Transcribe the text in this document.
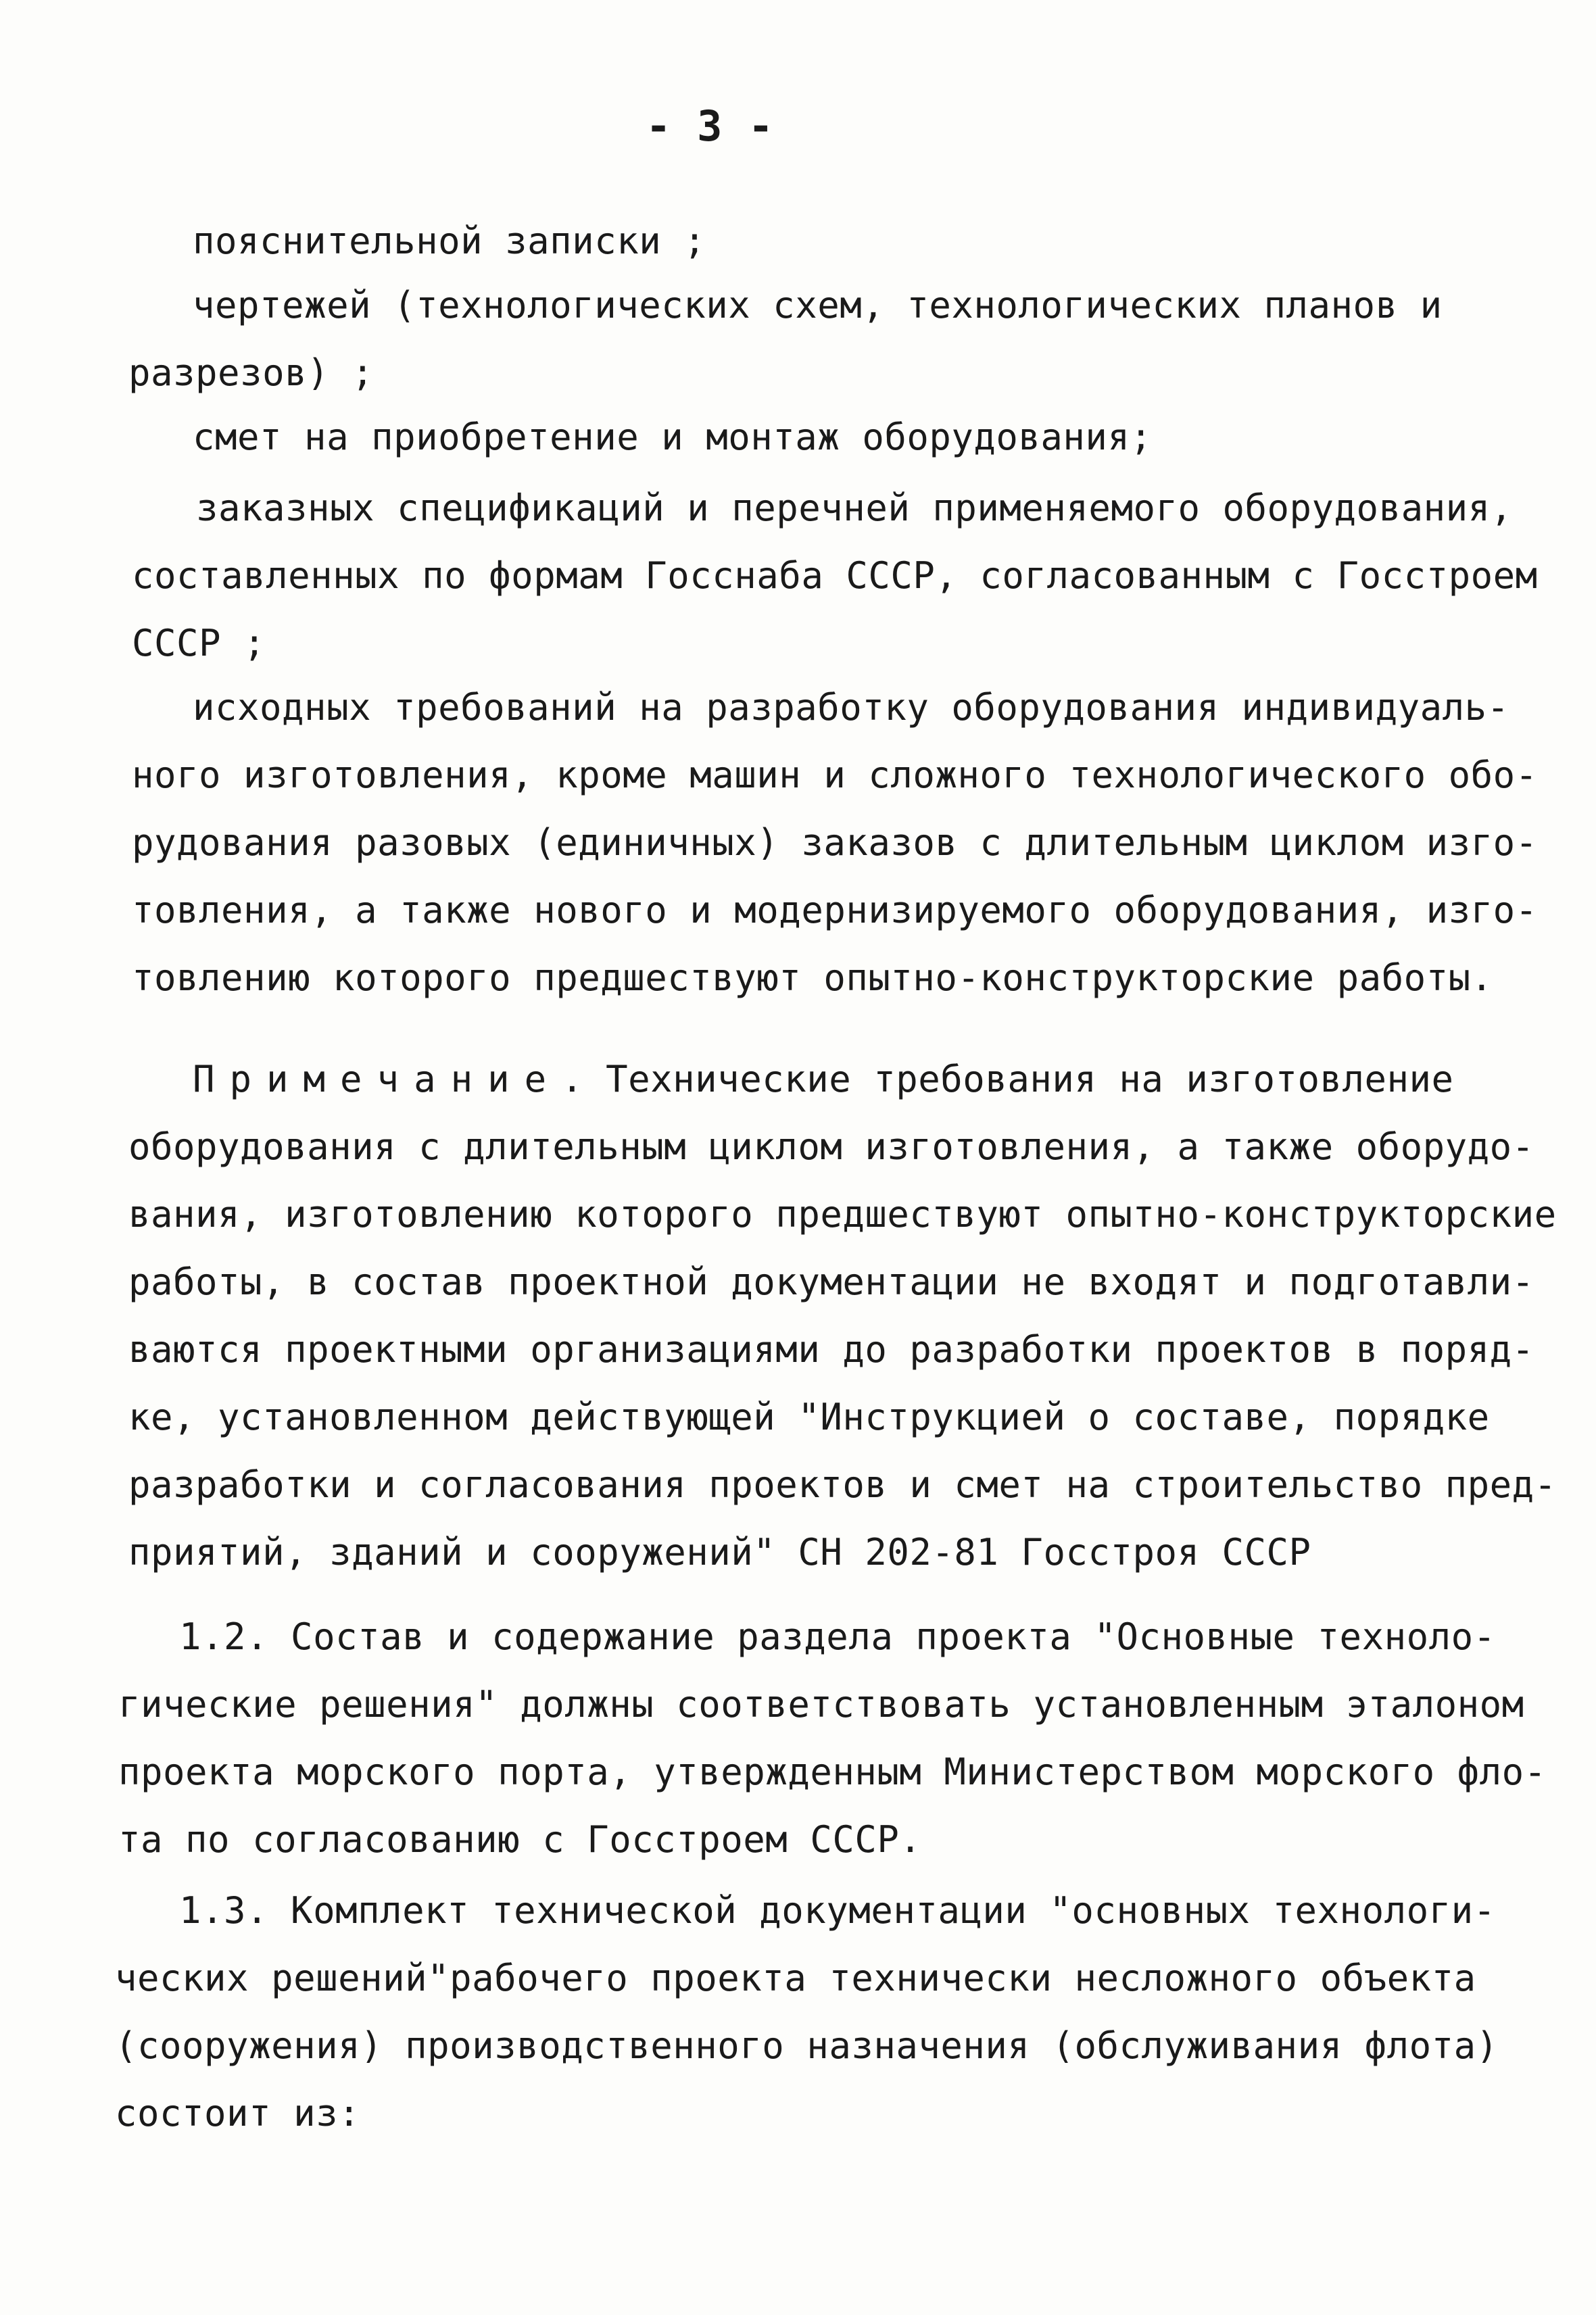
- 3 -
пояснительной записки ;
чертежей (технологических схем, технологических планов и
разрезов) ;
смет на приобретение и монтаж оборудования;
заказных спецификаций и перечней применяемого оборудования,
составленных по формам Госснаба СССР, согласованным с Госстроем
СССР ;
исходных требований на разработку оборудования индивидуаль-
ного изготовления, кроме машин и сложного технологического обо-
рудования разовых (единичных) заказов с длительным циклом изго-
товления, а также нового и модернизируемого оборудования, изго-
товлению которого предшествуют опытно-конструкторские работы.
Примечание. Технические требования на изготовление
оборудования с длительным циклом изготовления, а также оборудо-
вания, изготовлению которого предшествуют опытно-конструкторские
работы, в состав проектной документации не входят и подготавли-
ваются проектными организациями до разработки проектов в поряд-
ке, установленном действующей "Инструкцией о составе, порядке
разработки и согласования проектов и смет на строительство пред-
приятий, зданий и сооружений" СН 202-81 Госстроя СССР
1.2. Состав и содержание раздела проекта "Основные техноло-
гические решения" должны соответствовать установленным эталоном
проекта морского порта, утвержденным Министерством морского фло-
та по согласованию с Госстроем СССР.
1.3. Комплект технической документации "основных технологи-
ческих решений"рабочего проекта технически несложного объекта
(сооружения) производственного назначения (обслуживания флота)
состоит из:
